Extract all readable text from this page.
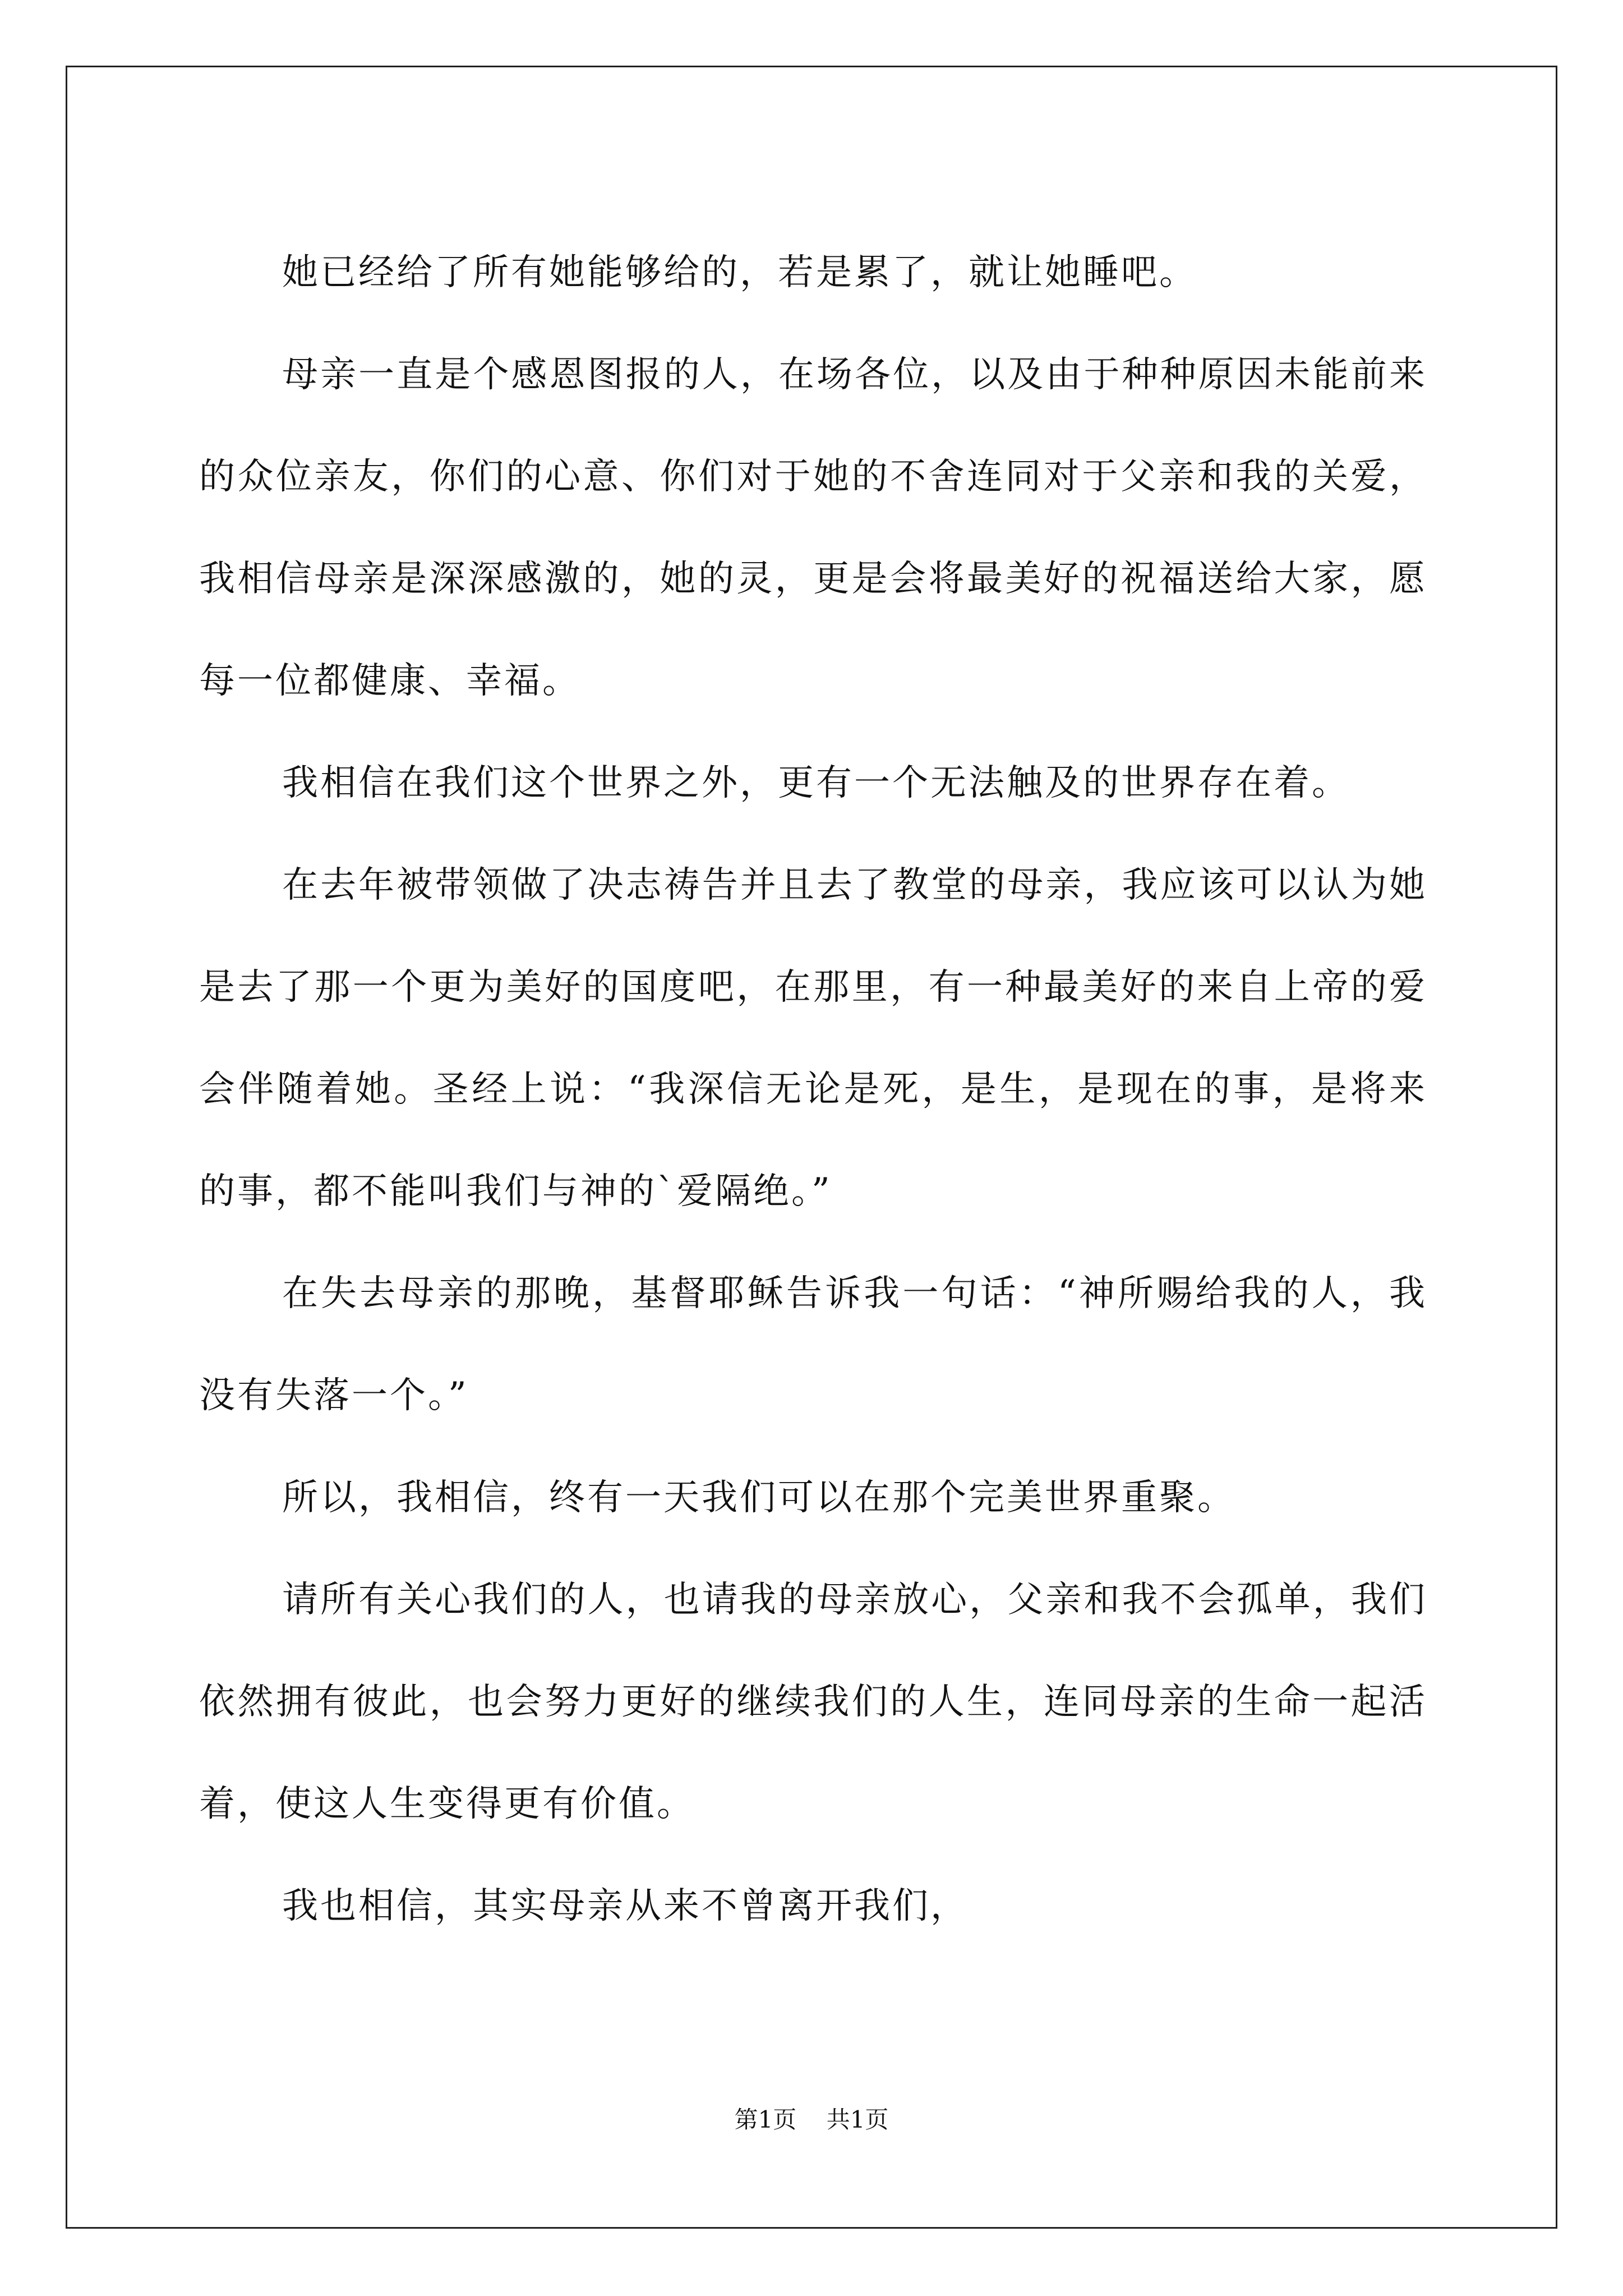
她已经给了所有她能够给的，若是累了，就让她睡吧。

母亲一直是个感恩图报的人，在场各位，以及由于种种原因未能前来的众位亲友，你们的心意、你们对于她的不舍连同对于父亲和我的关爱，我相信母亲是深深感激的，她的灵，更是会将最美好的祝福送给大家，愿每一位都健康、幸福。

我相信在我们这个世界之外，更有一个无法触及的世界存在着。

在去年被带领做了决志祷告并且去了教堂的母亲，我应该可以认为她是去了那一个更为美好的国度吧，在那里，有一种最美好的来自上帝的爱会伴随着她。圣经上说：“我深信无论是死，是生，是现在的事，是将来的事，都不能叫我们与神的`爱隔绝。”

在失去母亲的那晚，基督耶稣告诉我一句话：“神所赐给我的人，我没有失落一个。”

所以，我相信，终有一天我们可以在那个完美世界重聚。

请所有关心我们的人，也请我的母亲放心，父亲和我不会孤单，我们依然拥有彼此，也会努力更好的继续我们的人生，连同母亲的生命一起活着，使这人生变得更有价值。

我也相信，其实母亲从来不曾离开我们，

第1页 共1页
